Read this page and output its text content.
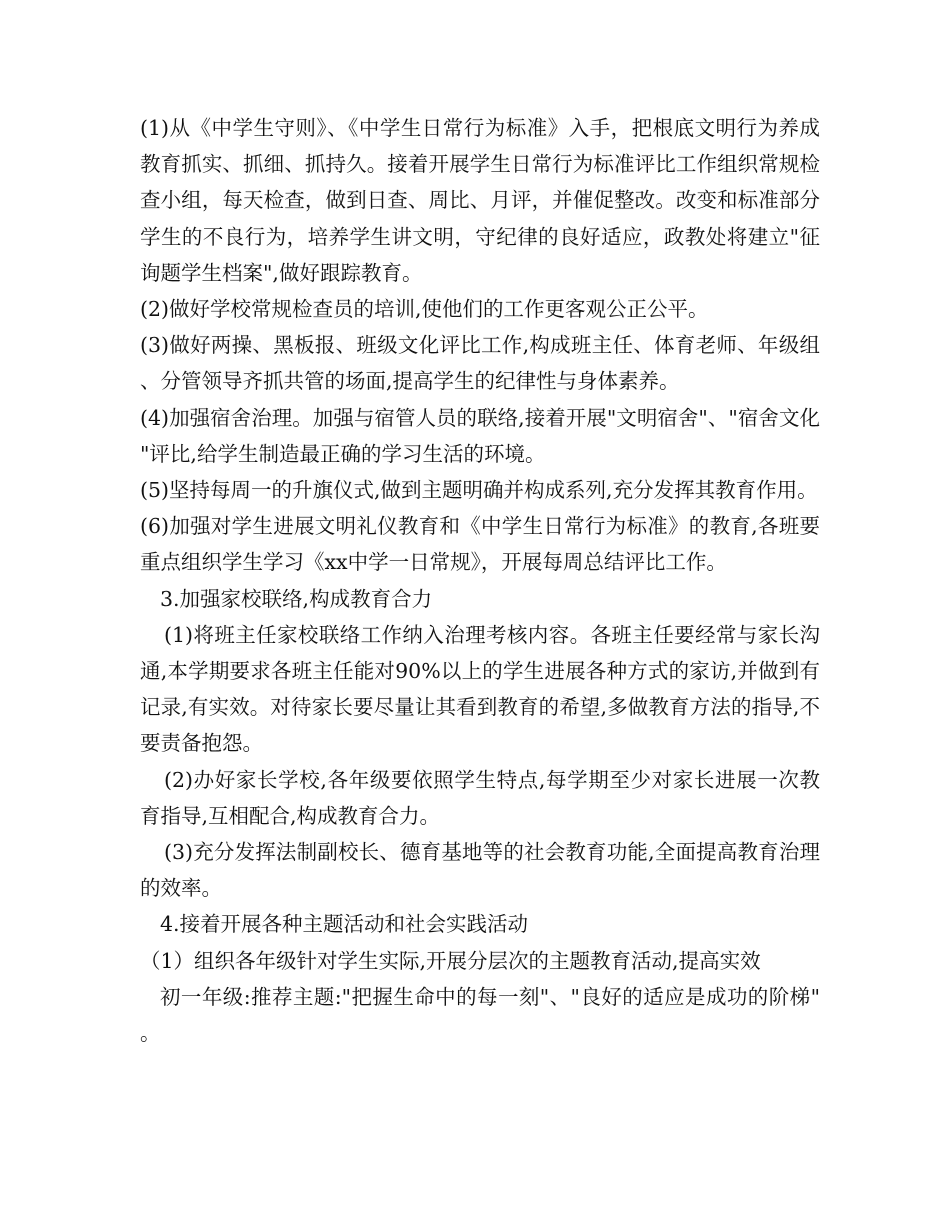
(1)从《中学生守则》、《中学生日常行为标准》入手，把根底文明行为养成教育抓实、抓细、抓持久。接着开展学生日常行为标准评比工作组织常规检查小组，每天检查，做到日查、周比、月评，并催促整改。改变和标准部分学生的不良行为，培养学生讲文明，守纪律的良好适应，政教处将建立"征询题学生档案",做好跟踪教育。

(2)做好学校常规检查员的培训,使他们的工作更客观公正公平。

(3)做好两操、黑板报、班级文化评比工作,构成班主任、体育老师、年级组、分管领导齐抓共管的场面,提高学生的纪律性与身体素养。

(4)加强宿舍治理。加强与宿管人员的联络,接着开展"文明宿舍"、"宿舍文化"评比,给学生制造最正确的学习生活的环境。

(5)坚持每周一的升旗仪式,做到主题明确并构成系列,充分发挥其教育作用。

(6)加强对学生进展文明礼仪教育和《中学生日常行为标准》的教育,各班要重点组织学生学习《xx中学一日常规》，开展每周总结评比工作。

3.加强家校联络,构成教育合力

(1)将班主任家校联络工作纳入治理考核内容。各班主任要经常与家长沟通,本学期要求各班主任能对90%以上的学生进展各种方式的家访,并做到有记录,有实效。对待家长要尽量让其看到教育的希望,多做教育方法的指导,不要责备抱怨。

(2)办好家长学校,各年级要依照学生特点,每学期至少对家长进展一次教育指导,互相配合,构成教育合力。

(3)充分发挥法制副校长、德育基地等的社会教育功能,全面提高教育治理的效率。

4.接着开展各种主题活动和社会实践活动

（1）组织各年级针对学生实际,开展分层次的主题教育活动,提高实效

初一年级:推荐主题:"把握生命中的每一刻"、"良好的适应是成功的阶梯"。
